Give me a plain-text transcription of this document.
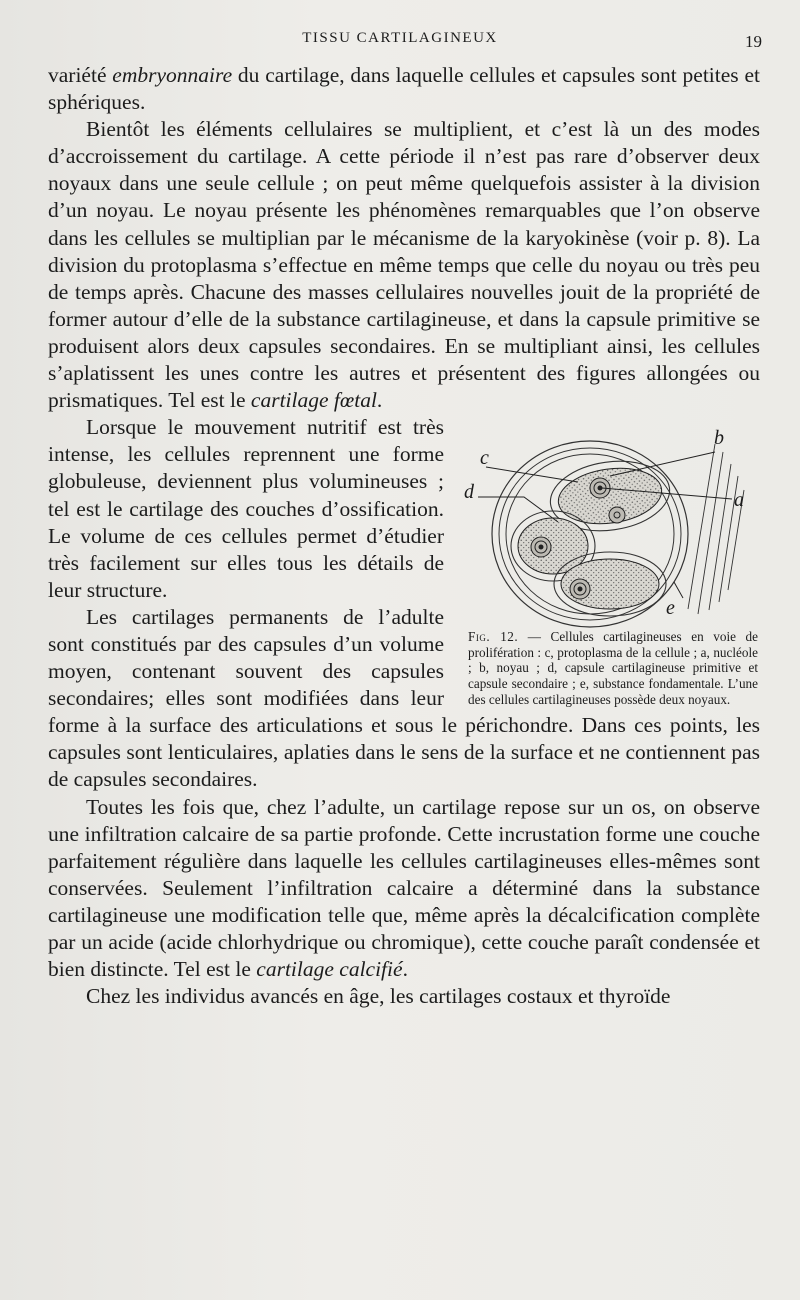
TISSU CARTILAGINEUX	19

variété embryonnaire du cartilage, dans laquelle cellules et capsules sont petites et sphériques.

Bientôt les éléments cellulaires se multiplient, et c’est là un des modes d’accroissement du cartilage. A cette période il n’est pas rare d’observer deux noyaux dans une seule cellule ; on peut même quelquefois assister à la division d’un noyau. Le noyau présente les phénomènes remarquables que l’on observe dans les cellules se multiplian par le mécanisme de la karyokinèse (voir p. 8). La division du protoplasma s’effectue en même temps que celle du noyau ou très peu de temps après. Chacune des masses cellulaires nouvelles jouit de la propriété de former autour d’elle de la substance cartilagineuse, et dans la capsule primitive se produisent alors deux capsules secondaires. En se multipliant ainsi, les cellules s’aplatissent les unes contre les autres et présentent des figures allongées ou prismatiques. Tel est le cartilage fœtal.

b
c
d	a
e
Fig. 12. — Cellules cartilagineuses en voie de prolifération : c, protoplasma de la cellule ; a, nucléole ; b, noyau ; d, capsule cartilagineuse primitive et capsule secondaire ; e, substance fondamentale. L’une des cellules cartilagineuses possède deux noyaux.

Lorsque le mouvement nutritif est très intense, les cellules reprennent une forme globuleuse, deviennent plus volumineuses ; tel est le cartilage des couches d’ossification. Le volume de ces cellules permet d’étudier très facilement sur elles tous les détails de leur structure.

Les cartilages permanents de l’adulte sont constitués par des capsules d’un volume moyen, contenant souvent des capsules secondaires; elles sont modifiées dans leur forme à la surface des articulations et sous le périchondre. Dans ces points, les capsules sont lenticulaires, aplaties dans le sens de la surface et ne contiennent pas de capsules secondaires.

Toutes les fois que, chez l’adulte, un cartilage repose sur un os, on observe une infiltration calcaire de sa partie profonde. Cette incrustation forme une couche parfaitement régulière dans laquelle les cellules cartilagineuses elles-mêmes sont conservées. Seulement l’infiltration calcaire a déterminé dans la substance cartilagineuse une modification telle que, même après la décalcification complète par un acide (acide chlorhydrique ou chromique), cette couche paraît condensée et bien distincte. Tel est le cartilage calcifié.

Chez les individus avancés en âge, les cartilages costaux et thyroïde
